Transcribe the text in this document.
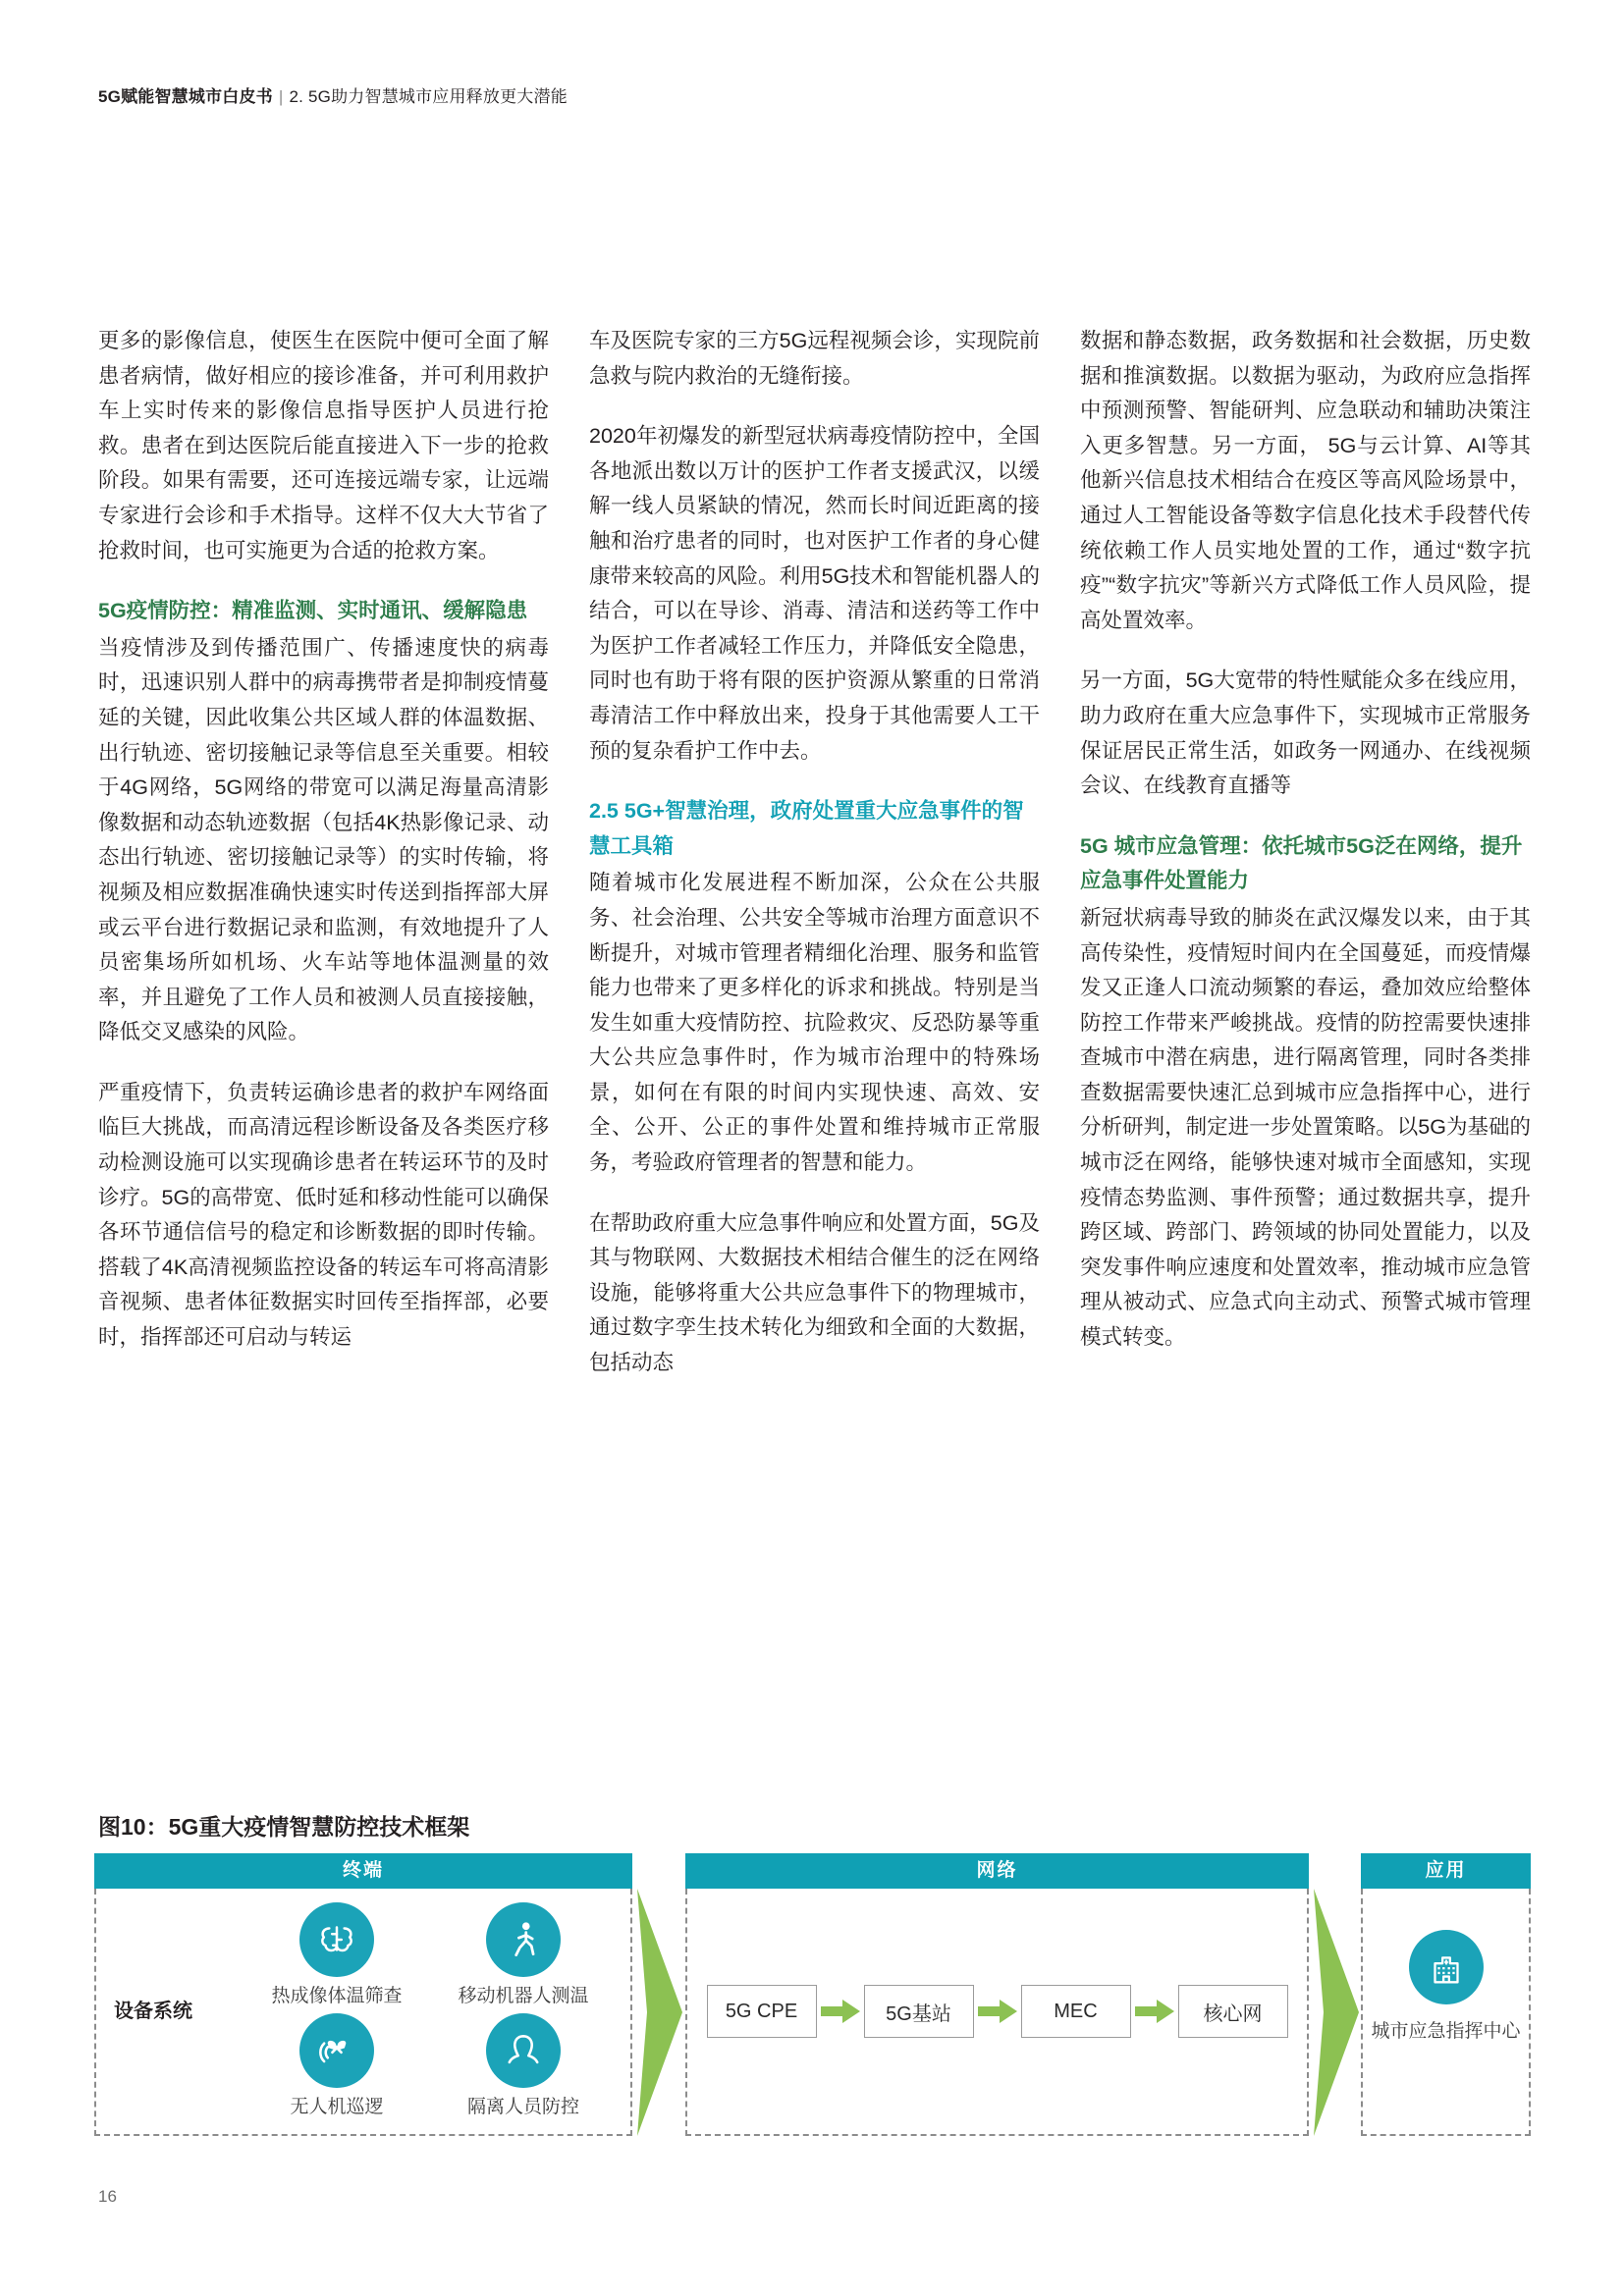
5G赋能智慧城市白皮书 | 2. 5G助力智慧城市应用释放更大潜能

更多的影像信息，使医生在医院中便可全面了解患者病情，做好相应的接诊准备，并可利用救护车上实时传来的影像信息指导医护人员进行抢救。患者在到达医院后能直接进入下一步的抢救阶段。如果有需要，还可连接远端专家，让远端专家进行会诊和手术指导。这样不仅大大节省了抢救时间，也可实施更为合适的抢救方案。

5G疫情防控：精准监测、实时通讯、缓解隐患

当疫情涉及到传播范围广、传播速度快的病毒时，迅速识别人群中的病毒携带者是抑制疫情蔓延的关键，因此收集公共区域人群的体温数据、出行轨迹、密切接触记录等信息至关重要。相较于4G网络，5G网络的带宽可以满足海量高清影像数据和动态轨迹数据（包括4K热影像记录、动态出行轨迹、密切接触记录等）的实时传输，将视频及相应数据准确快速实时传送到指挥部大屏或云平台进行数据记录和监测，有效地提升了人员密集场所如机场、火车站等地体温测量的效率，并且避免了工作人员和被测人员直接接触，降低交叉感染的风险。

严重疫情下，负责转运确诊患者的救护车网络面临巨大挑战，而高清远程诊断设备及各类医疗移动检测设施可以实现确诊患者在转运环节的及时诊疗。5G的高带宽、低时延和移动性能可以确保各环节通信信号的稳定和诊断数据的即时传输。搭载了4K高清视频监控设备的转运车可将高清影音视频、患者体征数据实时回传至指挥部，必要时，指挥部还可启动与转运

车及医院专家的三方5G远程视频会诊，实现院前急救与院内救治的无缝衔接。

2020年初爆发的新型冠状病毒疫情防控中，全国各地派出数以万计的医护工作者支援武汉，以缓解一线人员紧缺的情况，然而长时间近距离的接触和治疗患者的同时，也对医护工作者的身心健康带来较高的风险。利用5G技术和智能机器人的结合，可以在导诊、消毒、清洁和送药等工作中为医护工作者减轻工作压力，并降低安全隐患，同时也有助于将有限的医护资源从繁重的日常消毒清洁工作中释放出来，投身于其他需要人工干预的复杂看护工作中去。

2.5 5G+智慧治理，政府处置重大应急事件的智慧工具箱

随着城市化发展进程不断加深，公众在公共服务、社会治理、公共安全等城市治理方面意识不断提升，对城市管理者精细化治理、服务和监管能力也带来了更多样化的诉求和挑战。特别是当发生如重大疫情防控、抗险救灾、反恐防暴等重大公共应急事件时，作为城市治理中的特殊场景，如何在有限的时间内实现快速、高效、安全、公开、公正的事件处置和维持城市正常服务，考验政府管理者的智慧和能力。

在帮助政府重大应急事件响应和处置方面，5G及其与物联网、大数据技术相结合催生的泛在网络设施，能够将重大公共应急事件下的物理城市，通过数字孪生技术转化为细致和全面的大数据，包括动态

数据和静态数据，政务数据和社会数据，历史数据和推演数据。以数据为驱动，为政府应急指挥中预测预警、智能研判、应急联动和辅助决策注入更多智慧。另一方面， 5G与云计算、AI等其他新兴信息技术相结合在疫区等高风险场景中，通过人工智能设备等数字信息化技术手段替代传统依赖工作人员实地处置的工作，通过“数字抗疫”“数字抗灾”等新兴方式降低工作人员风险，提高处置效率。

另一方面，5G大宽带的特性赋能众多在线应用，助力政府在重大应急事件下，实现城市正常服务保证居民正常生活，如政务一网通办、在线视频会议、在线教育直播等

5G 城市应急管理：依托城市5G泛在网络，提升应急事件处置能力

新冠状病毒导致的肺炎在武汉爆发以来，由于其高传染性，疫情短时间内在全国蔓延，而疫情爆发又正逢人口流动频繁的春运，叠加效应给整体防控工作带来严峻挑战。疫情的防控需要快速排查城市中潜在病患，进行隔离管理，同时各类排查数据需要快速汇总到城市应急指挥中心，进行分析研判，制定进一步处置策略。以5G为基础的城市泛在网络，能够快速对城市全面感知，实现疫情态势监测、事件预警；通过数据共享，提升跨区域、跨部门、跨领域的协同处置能力，以及突发事件响应速度和处置效率，推动城市应急管理从被动式、应急式向主动式、预警式城市管理模式转变。

图10：5G重大疫情智慧防控技术框架
终端
设备系统
热成像体温筛查	移动机器人测温
无人机巡逻	隔离人员防控
网络
5G CPE	5G基站	MEC	核心网
应用
城市应急指挥中心
16
